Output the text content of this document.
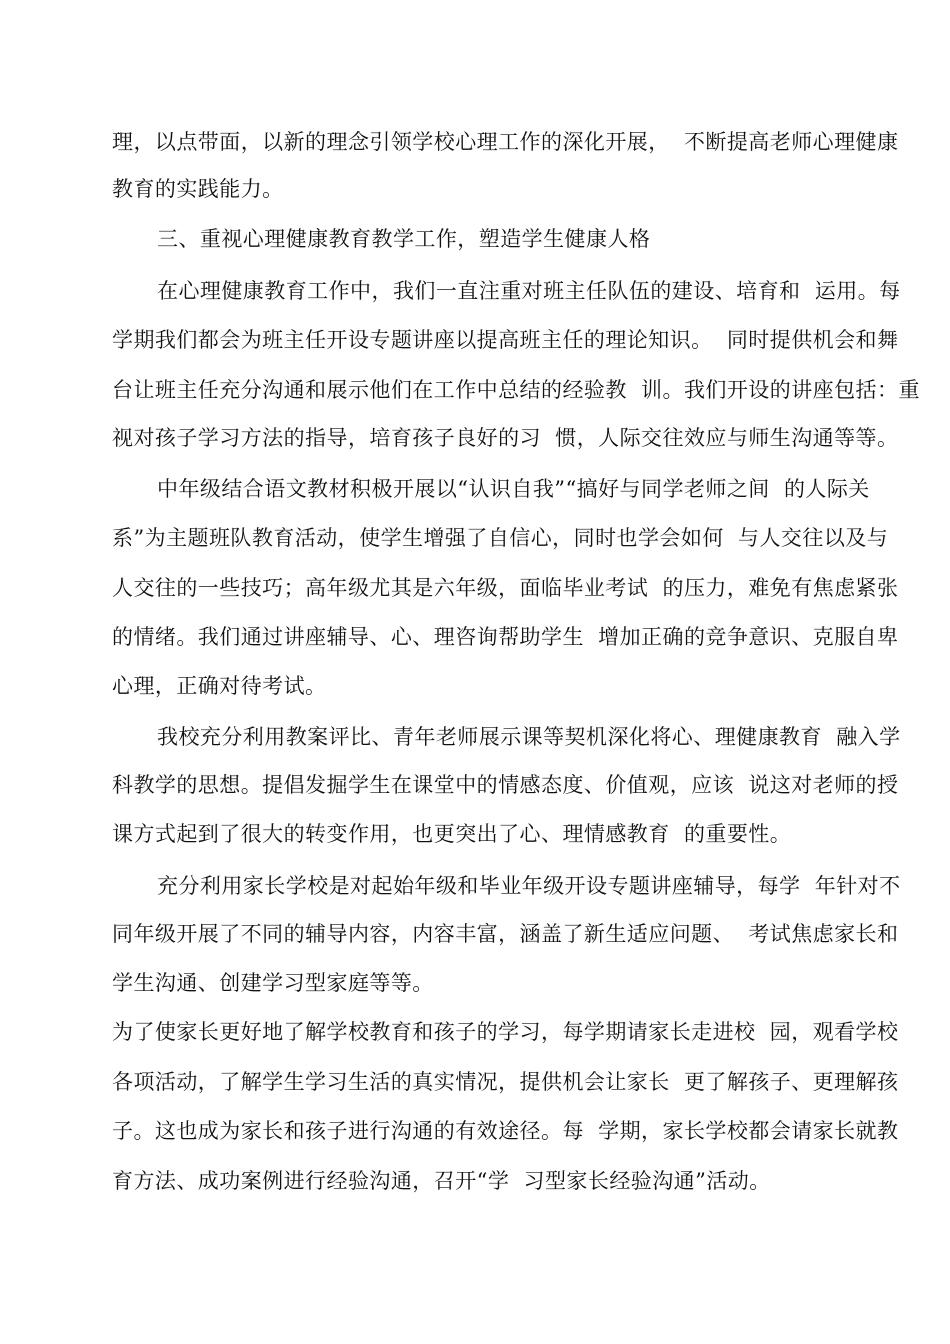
理，以点带面，以新的理念引领学校心理工作的深化开展，  不断提高老师心理健康
教育的实践能力。
三、重视心理健康教育教学工作，塑造学生健康人格
在心理健康教育工作中，我们一直注重对班主任队伍的建设、培育和  运用。每
学期我们都会为班主任开设专题讲座以提高班主任的理论知识。  同时提供机会和舞
台让班主任充分沟通和展示他们在工作中总结的经验教  训。我们开设的讲座包括：重
视对孩子学习方法的指导，培育孩子良好的习  惯，人际交往效应与师生沟通等等。
中年级结合语文教材积极开展以“认识自我”“搞好与同学老师之间  的人际关
系”为主题班队教育活动，使学生增强了自信心，同时也学会如何  与人交往以及与
人交往的一些技巧；高年级尤其是六年级，面临毕业考试  的压力，难免有焦虑紧张
的情绪。我们通过讲座辅导、心、理咨询帮助学生  增加正确的竞争意识、克服自卑
心理，正确对待考试。
我校充分利用教案评比、青年老师展示课等契机深化将心、理健康教育  融入学
科教学的思想。提倡发掘学生在课堂中的情感态度、价值观，应该  说这对老师的授
课方式起到了很大的转变作用，也更突出了心、理情感教育  的重要性。
充分利用家长学校是对起始年级和毕业年级开设专题讲座辅导，每学  年针对不
同年级开展了不同的辅导内容，内容丰富，涵盖了新生适应问题、  考试焦虑家长和
学生沟通、创建学习型家庭等等。
为了使家长更好地了解学校教育和孩子的学习，每学期请家长走进校  园，观看学校
各项活动，了解学生学习生活的真实情况，提供机会让家长  更了解孩子、更理解孩
子。这也成为家长和孩子进行沟通的有效途径。每  学期，家长学校都会请家长就教
育方法、成功案例进行经验沟通，召开“学  习型家长经验沟通”活动。
